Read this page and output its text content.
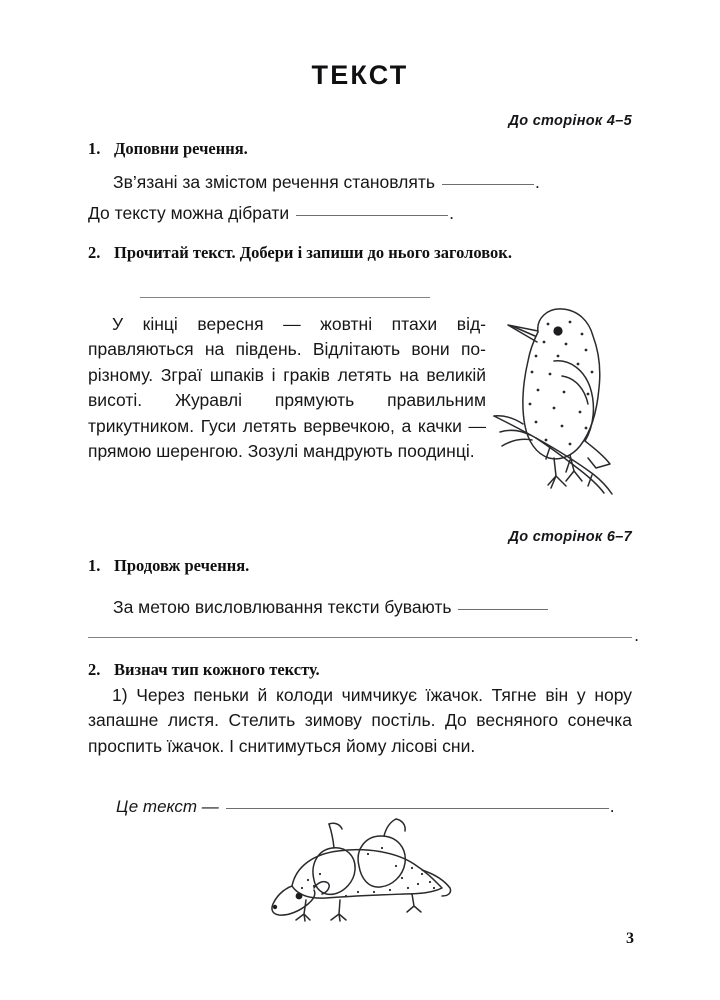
ТЕКСТ
До сторінок 4–5
1. Доповни речення.
Зв’язані за змістом речення становлять	.
До тексту можна дібрати	.
2. Прочитай текст. Добери і запиши до нього заголовок.
У кінці вересня — жовтні птахи відправляються на південь. Відлітають вони по-різному. Зграї шпаків і граків летять на великій висоті. Журавлі прямують правильним трикутником. Гуси летять вервечкою, а качки — прямою шеренгою. Зозулі мандрують поодинці.
До сторінок 6–7
1. Продовж речення.
За метою висловлювання тексти бувають
.
2. Визнач тип кожного тексту.
1) Через пеньки й колоди чимчикує їжачок. Тягне він у нору запашне листя. Стелить зимову постіль. До весняного сонечка проспить їжачок. І снитимуться йому лісові сни.
Це текст —	.
3
